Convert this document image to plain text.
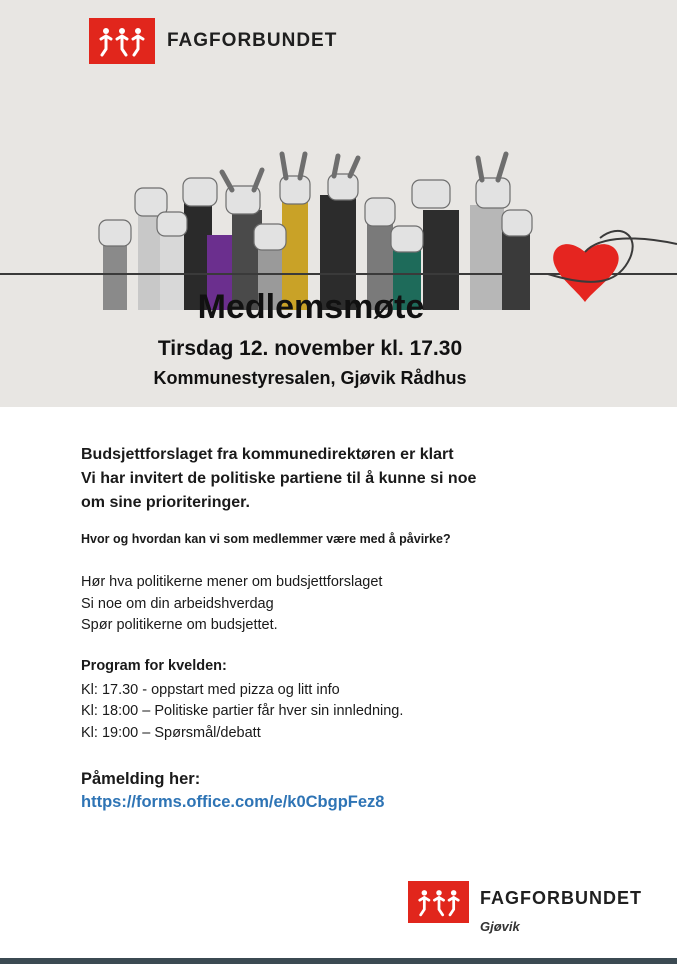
FAGFORBUNDET
Medlemsmøte
Tirsdag 12. november kl. 17.30
Kommunestyresalen, Gjøvik Rådhus

Budsjettforslaget fra kommunedirektøren er klart

Vi har invitert de politiske partiene til å kunne si noe

om sine prioriteringer.

Hvor og hvordan kan vi som medlemmer være med å påvirke?

Hør hva politikerne mener om budsjettforslaget

Si noe om din arbeidshverdag

Spør politikerne om budsjettet.

Program for kvelden:

Kl: 17.30 - oppstart med pizza og litt info

Kl: 18:00 – Politiske partier får hver sin innledning.

Kl: 19:00 – Spørsmål/debatt

Påmelding her:
https://forms.office.com/e/k0CbgpFez8
FAGFORBUNDET
Gjøvik
